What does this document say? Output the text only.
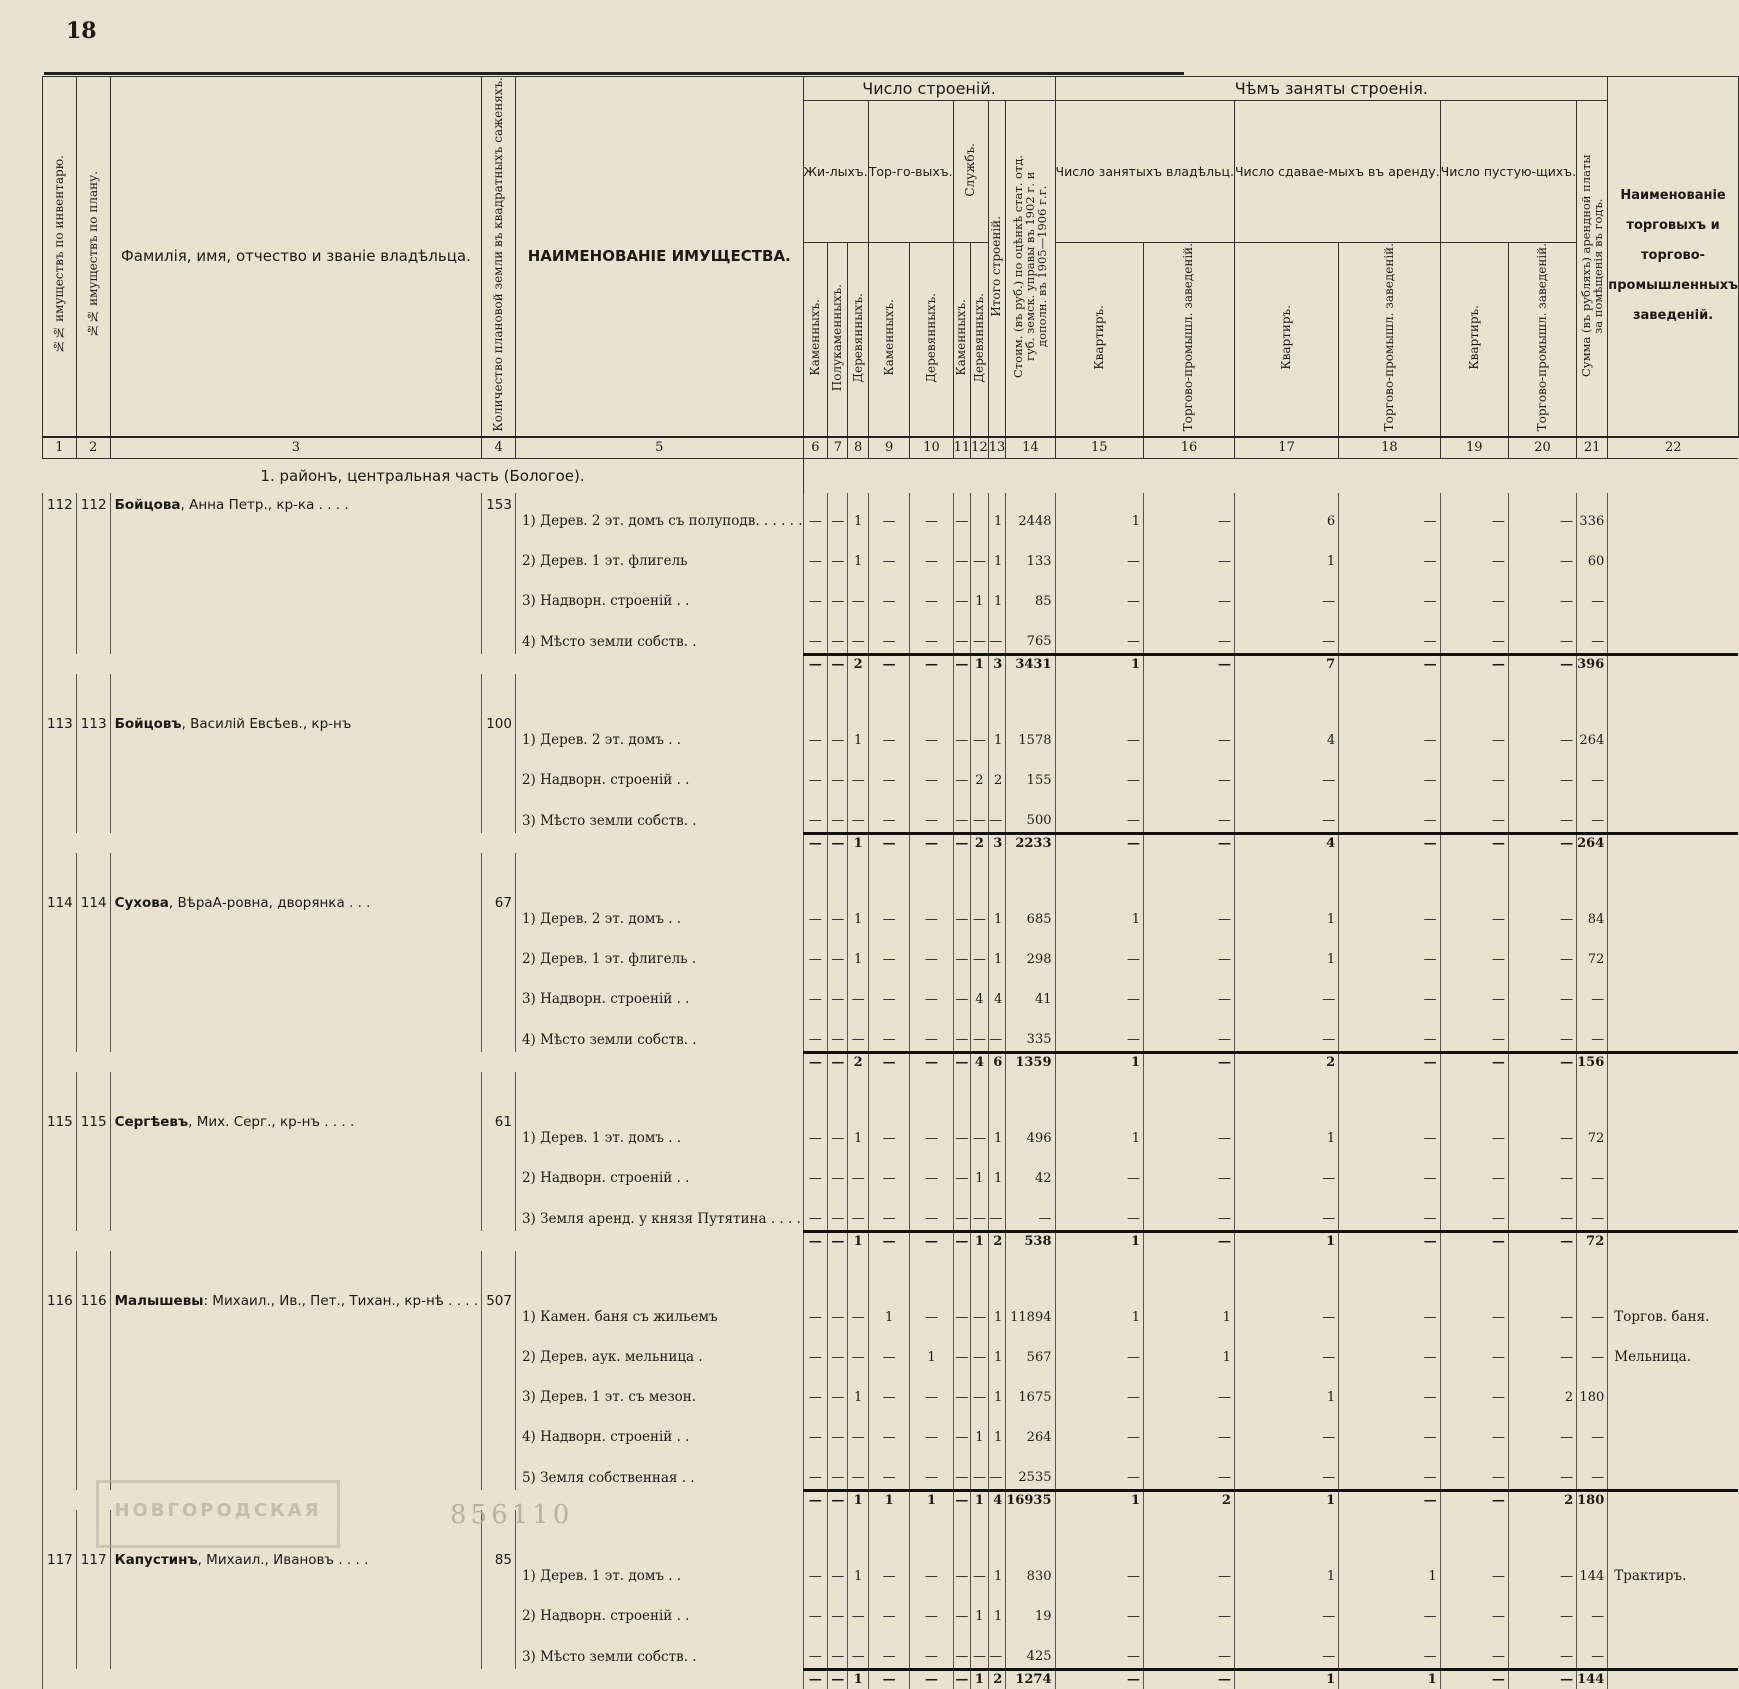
18
№№ имуществъ по инвентарю.	№№ имуществъ по плану.	Фамилія, имя, отчество и званіе владѣльца.	Количество плановой земли въ квадратныхъ саженяхъ.	НАИМЕНОВАНІЕ ИМУЩЕСТВА.	Число строеній.									Чѣмъ заняты строенія.							Наименованіе торговыхъ и торгово-промышленныхъ заведеній.

					Жи-лыхъ.			Тор-го-выхъ.		Службъ.		Итого строеній.	Стоим. (въ руб.) по оцѣнкѣ стат. отд. губ. земск. управы въ 1902 г. и дополн. въ 1905—1906 г.г.	Число занятыхъ владѣльц.		Число сдавае-мыхъ въ аренду.		Число пустую-щихъ.		Сумма (въ рубляхъ) арендной платы за помѣщенія въ годъ.	
					Каменныхъ.	Полукаменныхъ.	Деревянныхъ.	Каменныхъ.	Деревянныхъ.	Каменныхъ.	Деревянныхъ.			Квартиръ.	Торгово-промышл. заведеній.	Квартиръ.	Торгово-промышл. заведеній.	Квартиръ.	Торгово-промышл. заведеній.		
1	2	3	4	5	6	7	8	9	10	11	12	13	14	15	16	17	18	19	20	21	22
1. районъ, центральная часть (Бологое).																					
112	112	Бойцова, Анна Петр., кр-ка . . . .	153	1) Дерев. 2 эт. домъ съ полуподв. . . . . .	—	—	1	—	—	—		1	2448	1	—	6	—	—	—	336	
				2) Дерев. 1 эт. флигель	—	—	1	—	—	—	—	1	133	—	—	1	—	—	—	60	
				3) Надворн. строеній . .	—	—	—	—	—	—	1	1	85	—	—	—	—	—	—	—	
				4) Мѣсто земли собств. .	—	—	—	—	—	—	—	—	765	—	—	—	—	—	—	—	
					—	—	2	—	—	—	1	3	3431	1	—	7	—	—	—	396	

113	113	Бойцовъ, Василій Евсѣев., кр-нъ	100	1) Дерев. 2 эт. домъ . .	—	—	1	—	—	—	—	1	1578	—	—	4	—	—	—	264	
				2) Надворн. строеній . .	—	—	—	—	—	—	2	2	155	—	—	—	—	—	—	—	
				3) Мѣсто земли собств. .	—	—	—	—	—	—	—	—	500	—	—	—	—	—	—	—	
					—	—	1	—	—	—	2	3	2233	—	—	4	—	—	—	264	

114	114	Сухова, ВѣраА-ровна, дворянка . . .	67	1) Дерев. 2 эт. домъ . .	—	—	1	—	—	—	—	1	685	1	—	1	—	—	—	84	
				2) Дерев. 1 эт. флигель .	—	—	1	—	—	—	—	1	298	—	—	1	—	—	—	72	
				3) Надворн. строеній . .	—	—	—	—	—	—	4	4	41	—	—	—	—	—	—	—	
				4) Мѣсто земли собств. .	—	—	—	—	—	—	—	—	335	—	—	—	—	—	—	—	
					—	—	2	—	—	—	4	6	1359	1	—	2	—	—	—	156	

115	115	Сергѣевъ, Мих. Серг., кр-нъ . . . .	61	1) Дерев. 1 эт. домъ . .	—	—	1	—	—	—	—	1	496	1	—	1	—	—	—	72	
				2) Надворн. строеній . .	—	—	—	—	—	—	1	1	42	—	—	—	—	—	—	—	
				3) Земля аренд. у князя Путятина . . . .	—	—	—	—	—	—	—	—	—	—	—	—	—	—	—	—	
					—	—	1	—	—	—	1	2	538	1	—	1	—	—	—	72	

116	116	Малышевы: Михаил., Ив., Пет., Тихан., кр-нѣ . . . .	507	1) Камен. баня съ жильемъ	—	—	—	1	—	—	—	1	11894	1	1	—	—	—	—	—	Торгов. баня.
				2) Дерев. аук. мельница .	—	—	—	—	1	—	—	1	567	—	1	—	—	—	—	—	Мельница.
				3) Дерев. 1 эт. съ мезон.	—	—	1	—	—	—	—	1	1675	—	—	1	—	—	2	180	
				4) Надворн. строеній . .	—	—	—	—	—	—	1	1	264	—	—	—	—	—	—	—	
				5) Земля собственная . .	—	—	—	—	—	—	—	—	2535	—	—	—	—	—	—	—	
					—	—	1	1	1	—	1	4	16935	1	2	1	—	—	2	180	

117	117	Капустинъ, Михаил., Ивановъ . . . .	85	1) Дерев. 1 эт. домъ . .	—	—	1	—	—	—	—	1	830	—	—	1	1	—	—	144	Трактиръ.
				2) Надворн. строеній . .	—	—	—	—	—	—	1	1	19	—	—	—	—	—	—	—	
				3) Мѣсто земли собств. .	—	—	—	—	—	—	—	—	425	—	—	—	—	—	—	—	
					—	—	1	—	—	—	1	2	1274	—	—	1	1	—	—	144	
НОВГОРОДСКАЯ	856110
